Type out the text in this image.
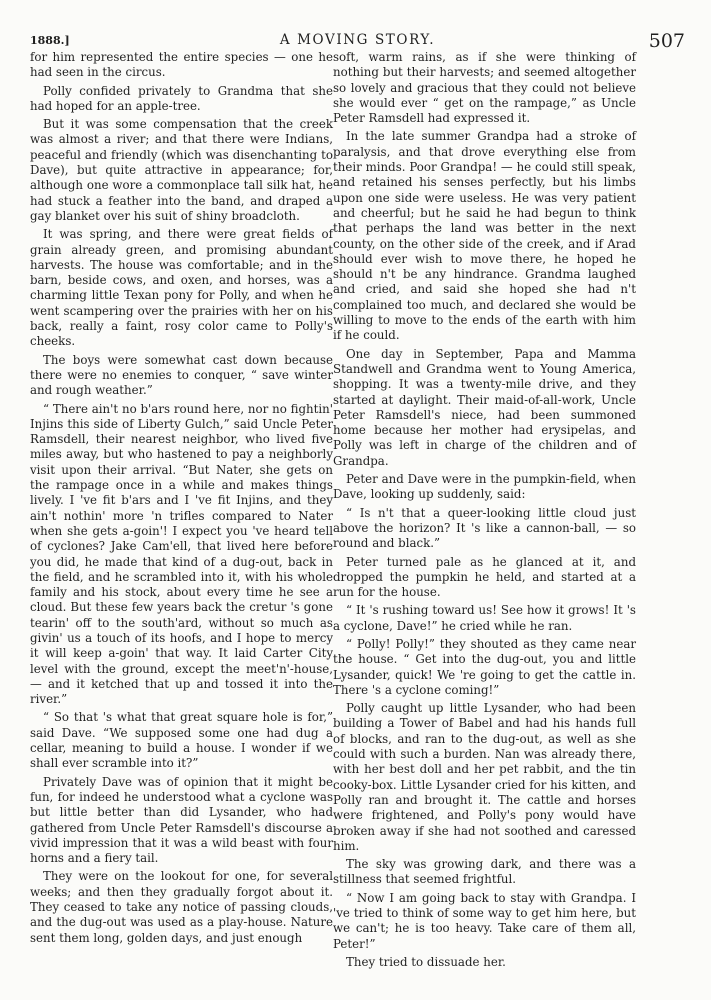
1888.]	A MOVING STORY.	507

for him represented the entire species — one he had seen in the circus.

Polly confided privately to Grandma that she had hoped for an apple-tree.

But it was some compensation that the creek was almost a river; and that there were Indians, peaceful and friendly (which was disenchanting to Dave), but quite attractive in appearance; for, although one wore a commonplace tall silk hat, he had stuck a feather into the band, and draped a gay blanket over his suit of shiny broadcloth.

It was spring, and there were great fields of grain already green, and promising abundant harvests. The house was comfortable; and in the barn, beside cows, and oxen, and horses, was a charming little Texan pony for Polly, and when he went scampering over the prairies with her on his back, really a faint, rosy color came to Polly's cheeks.

The boys were somewhat cast down because there were no enemies to conquer, “ save winter and rough weather.”

“ There ain't no b'ars round here, nor no fightin' Injins this side of Liberty Gulch,” said Uncle Peter Ramsdell, their nearest neighbor, who lived five miles away, but who hastened to pay a neighborly visit upon their arrival. “But Nater, she gets on the rampage once in a while and makes things lively. I 've fit b'ars and I 've fit Injins, and they ain't nothin' more 'n trifles compared to Nater when she gets a-goin'! I expect you 've heard tell of cyclones? Jake Cam'ell, that lived here before you did, he made that kind of a dug-out, back in the field, and he scrambled into it, with his whole family and his stock, about every time he see a cloud. But these few years back the cretur 's gone tearin' off to the south'ard, without so much as givin' us a touch of its hoofs, and I hope to mercy it will keep a-goin' that way. It laid Carter City level with the ground, except the meet'n'-house, — and it ketched that up and tossed it into the river.”

“ So that 's what that great square hole is for,” said Dave. “We supposed some one had dug a cellar, meaning to build a house. I wonder if we shall ever scramble into it?”

Privately Dave was of opinion that it might be fun, for indeed he understood what a cyclone was but little better than did Lysander, who had gathered from Uncle Peter Ramsdell's discourse a vivid impression that it was a wild beast with four horns and a fiery tail.

They were on the lookout for one, for several weeks; and then they gradually forgot about it. They ceased to take any notice of passing clouds, and the dug-out was used as a play-house. Nature sent them long, golden days, and just enough

soft, warm rains, as if she were thinking of nothing but their harvests; and seemed altogether so lovely and gracious that they could not believe she would ever “ get on the rampage,” as Uncle Peter Ramsdell had expressed it.

In the late summer Grandpa had a stroke of paralysis, and that drove everything else from their minds. Poor Grandpa! — he could still speak, and retained his senses perfectly, but his limbs upon one side were useless. He was very patient and cheerful; but he said he had begun to think that perhaps the land was better in the next county, on the other side of the creek, and if Arad should ever wish to move there, he hoped he should n't be any hindrance. Grandma laughed and cried, and said she hoped she had n't complained too much, and declared she would be willing to move to the ends of the earth with him if he could.

One day in September, Papa and Mamma Standwell and Grandma went to Young America, shopping. It was a twenty-mile drive, and they started at daylight. Their maid-of-all-work, Uncle Peter Ramsdell's niece, had been summoned home because her mother had erysipelas, and Polly was left in charge of the children and of Grandpa.

Peter and Dave were in the pumpkin-field, when Dave, looking up suddenly, said:

“ Is n't that a queer-looking little cloud just above the horizon? It 's like a cannon-ball, — so round and black.”

Peter turned pale as he glanced at it, and dropped the pumpkin he held, and started at a run for the house.

“ It 's rushing toward us! See how it grows! It 's a cyclone, Dave!” he cried while he ran.

“ Polly! Polly!” they shouted as they came near the house. “ Get into the dug-out, you and little Lysander, quick! We 're going to get the cattle in. There 's a cyclone coming!”

Polly caught up little Lysander, who had been building a Tower of Babel and had his hands full of blocks, and ran to the dug-out, as well as she could with such a burden. Nan was already there, with her best doll and her pet rabbit, and the tin cooky-box. Little Lysander cried for his kitten, and Polly ran and brought it. The cattle and horses were frightened, and Polly's pony would have broken away if she had not soothed and caressed him.

The sky was growing dark, and there was a stillness that seemed frightful.

“ Now I am going back to stay with Grandpa. I 've tried to think of some way to get him here, but we can't; he is too heavy. Take care of them all, Peter!”

They tried to dissuade her.
